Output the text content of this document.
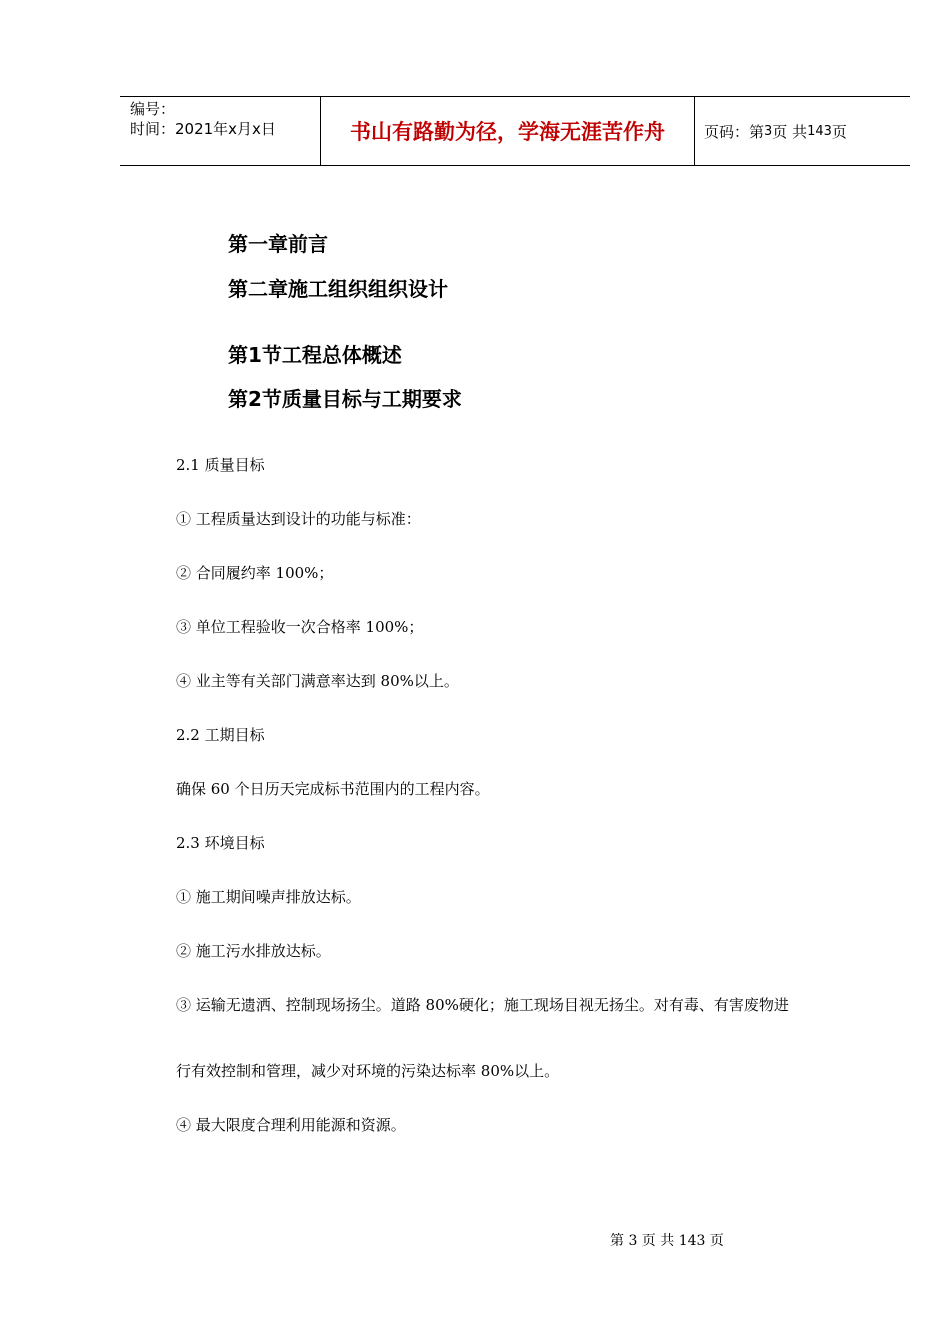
编号：
时间：2021年x月x日	书山有路勤为径，学海无涯苦作舟	页码：第 3 页 共 143 页
第一章前言
第二章施工组织组织设计
第1节工程总体概述
第2节质量目标与工期要求
2.1 质量目标
① 工程质量达到设计的功能与标准：
② 合同履约率 100%；
③ 单位工程验收一次合格率 100%；
④ 业主等有关部门满意率达到 80%以上。
2.2 工期目标
确保 60 个日历天完成标书范围内的工程内容。
2.3 环境目标
① 施工期间噪声排放达标。
② 施工污水排放达标。
③ 运输无遗洒、控制现场扬尘。道路 80%硬化；施工现场目视无扬尘。对有毒、有害废物进
行有效控制和管理，减少对环境的污染达标率 80%以上。
④ 最大限度合理利用能源和资源。
第 3 页 共 143 页
